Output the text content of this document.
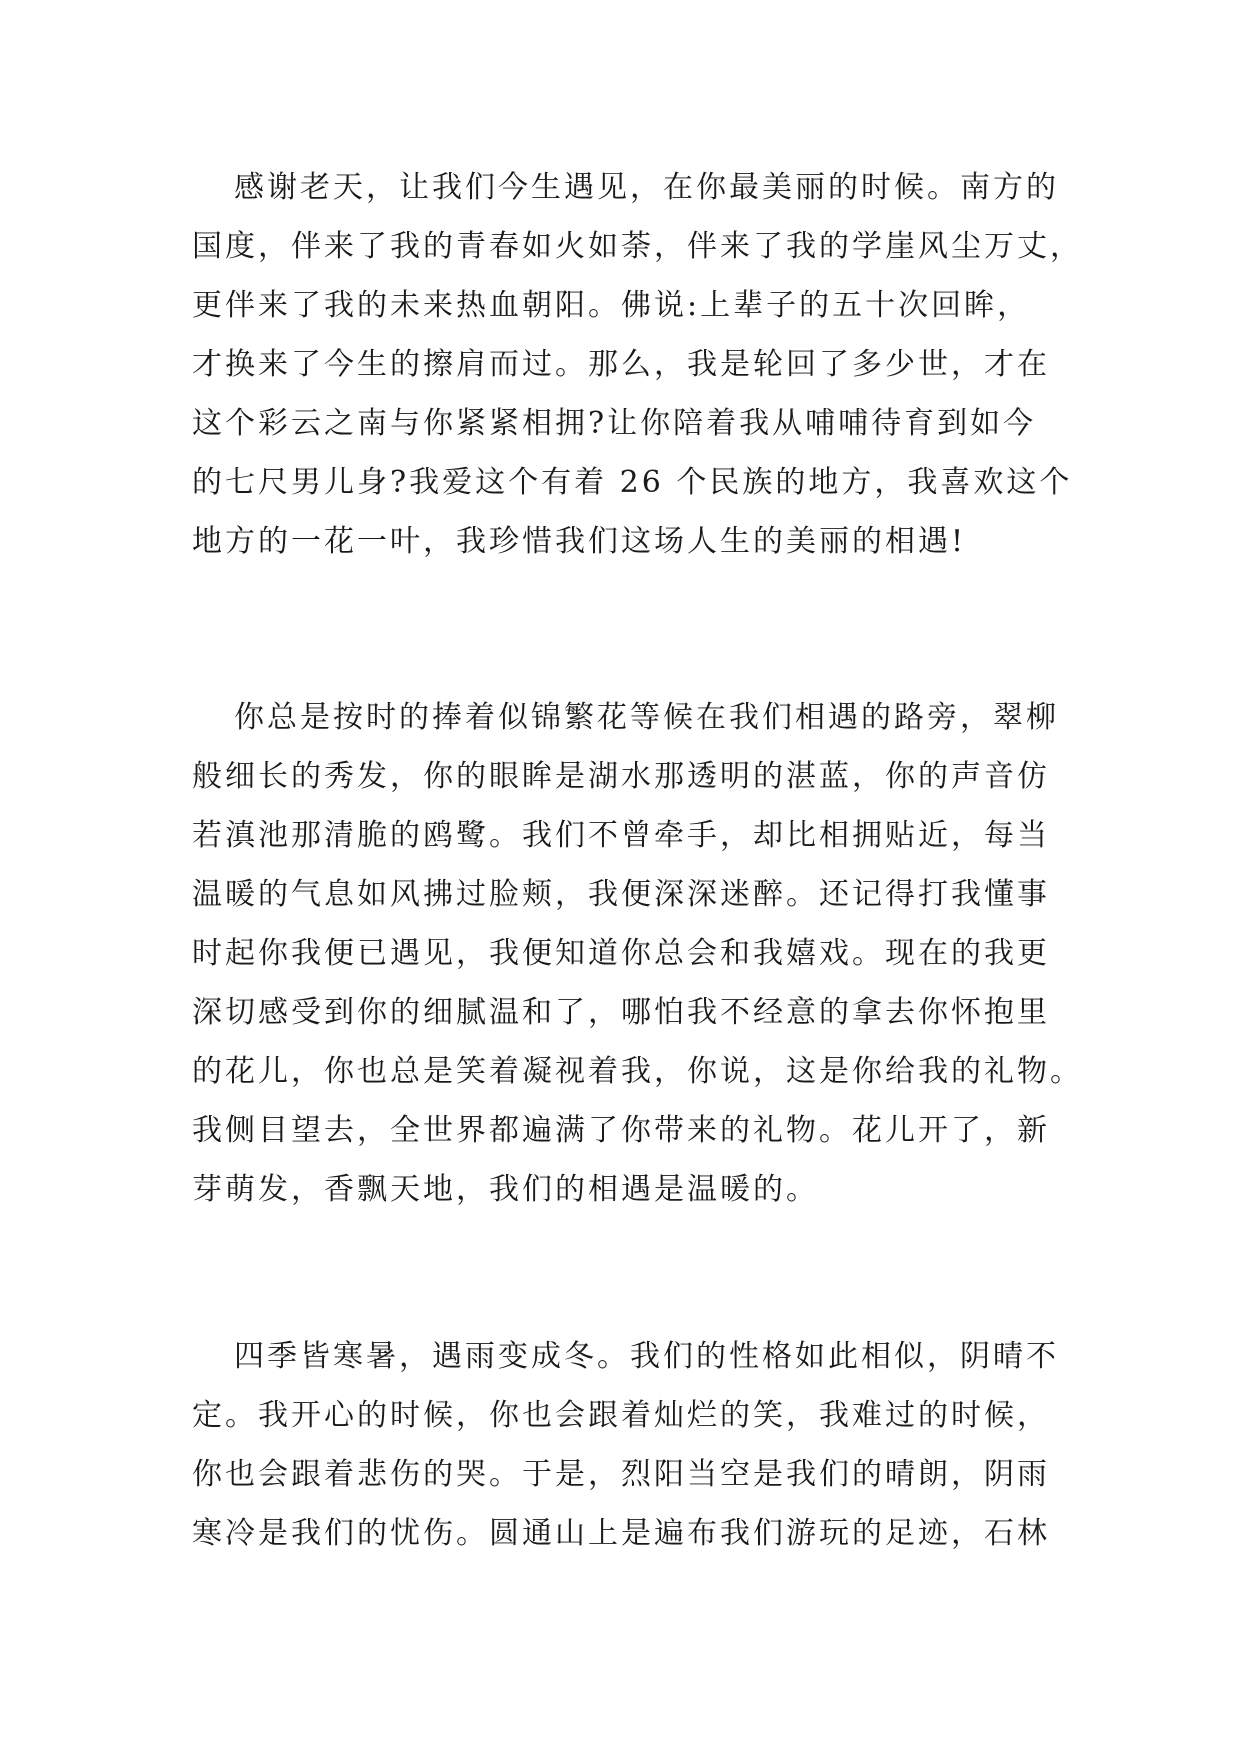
感谢老天，让我们今生遇见，在你最美丽的时候。南方的
国度，伴来了我的青春如火如荼，伴来了我的学崖风尘万丈，
更伴来了我的未来热血朝阳。佛说:上辈子的五十次回眸，
才换来了今生的擦肩而过。那么，我是轮回了多少世，才在
这个彩云之南与你紧紧相拥?让你陪着我从哺哺待育到如今
的七尺男儿身?我爱这个有着 26 个民族的地方，我喜欢这个
地方的一花一叶，我珍惜我们这场人生的美丽的相遇!
你总是按时的捧着似锦繁花等候在我们相遇的路旁，翠柳
般细长的秀发，你的眼眸是湖水那透明的湛蓝，你的声音仿
若滇池那清脆的鸥鹭。我们不曾牵手，却比相拥贴近，每当
温暖的气息如风拂过脸颊，我便深深迷醉。还记得打我懂事
时起你我便已遇见，我便知道你总会和我嬉戏。现在的我更
深切感受到你的细腻温和了，哪怕我不经意的拿去你怀抱里
的花儿，你也总是笑着凝视着我，你说，这是你给我的礼物。
我侧目望去，全世界都遍满了你带来的礼物。花儿开了，新
芽萌发，香飘天地，我们的相遇是温暖的。
四季皆寒暑，遇雨变成冬。我们的性格如此相似，阴晴不
定。我开心的时候，你也会跟着灿烂的笑，我难过的时候，
你也会跟着悲伤的哭。于是，烈阳当空是我们的晴朗，阴雨
寒冷是我们的忧伤。圆通山上是遍布我们游玩的足迹，石林
